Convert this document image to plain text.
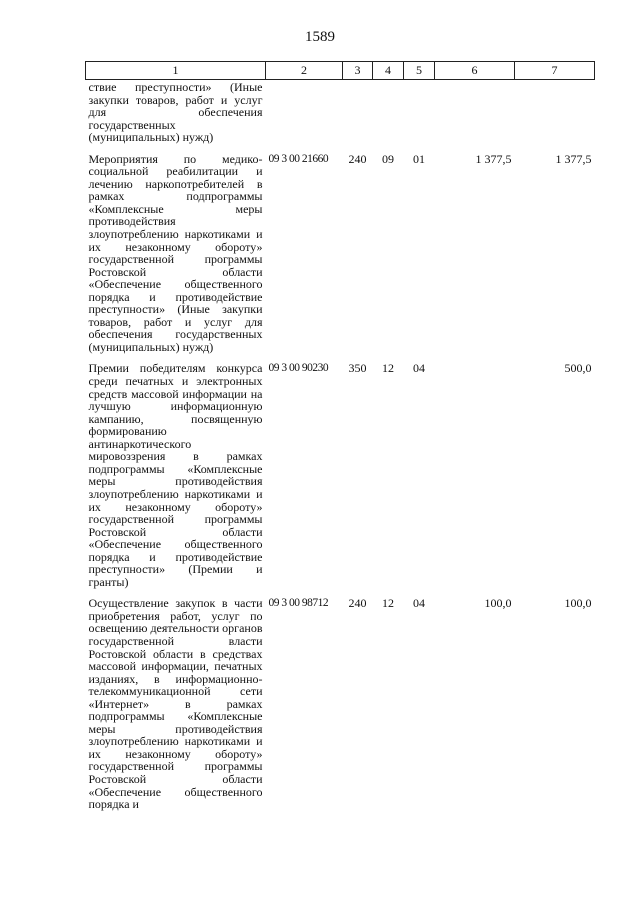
1589
1	2	3	4	5	6	7
ствие преступности» (Иные закупки товаров, работ и услуг для обеспечения государственных (муниципальных) нужд)						
Мероприятия по медико-социальной реабилитации и лечению наркопотребителей в рамках подпрограммы «Комплексные меры противодействия злоупотреблению наркотиками и их незаконному обороту» государственной программы Ростовской области «Обеспечение общественного порядка и противодействие преступности» (Иные закупки товаров, работ и услуг для обеспечения государственных (муниципальных) нужд)	09 3 00 21660	240	09	01	1 377,5	1 377,5
Премии победителям конкурса среди печатных и электронных средств массовой информации на лучшую информационную кампанию, посвященную формированию антинаркотического мировоззрения в рамках подпрограммы «Комплексные меры противодействия злоупотреблению наркотиками и их незаконному обороту» государственной программы Ростовской области «Обеспечение общественного порядка и противодействие преступности» (Премии и гранты)	09 3 00 90230	350	12	04		500,0
Осуществление закупок в части приобретения работ, услуг по освещению деятельности органов государственной власти Ростовской области в средствах массовой информации, печатных изданиях, в информационно-телекоммуникационной сети «Интернет» в рамках подпрограммы «Комплексные меры противодействия злоупотреблению наркотиками и их незаконному обороту» государственной программы Ростовской области «Обеспечение общественного порядка и	09 3 00 98712	240	12	04	100,0	100,0
